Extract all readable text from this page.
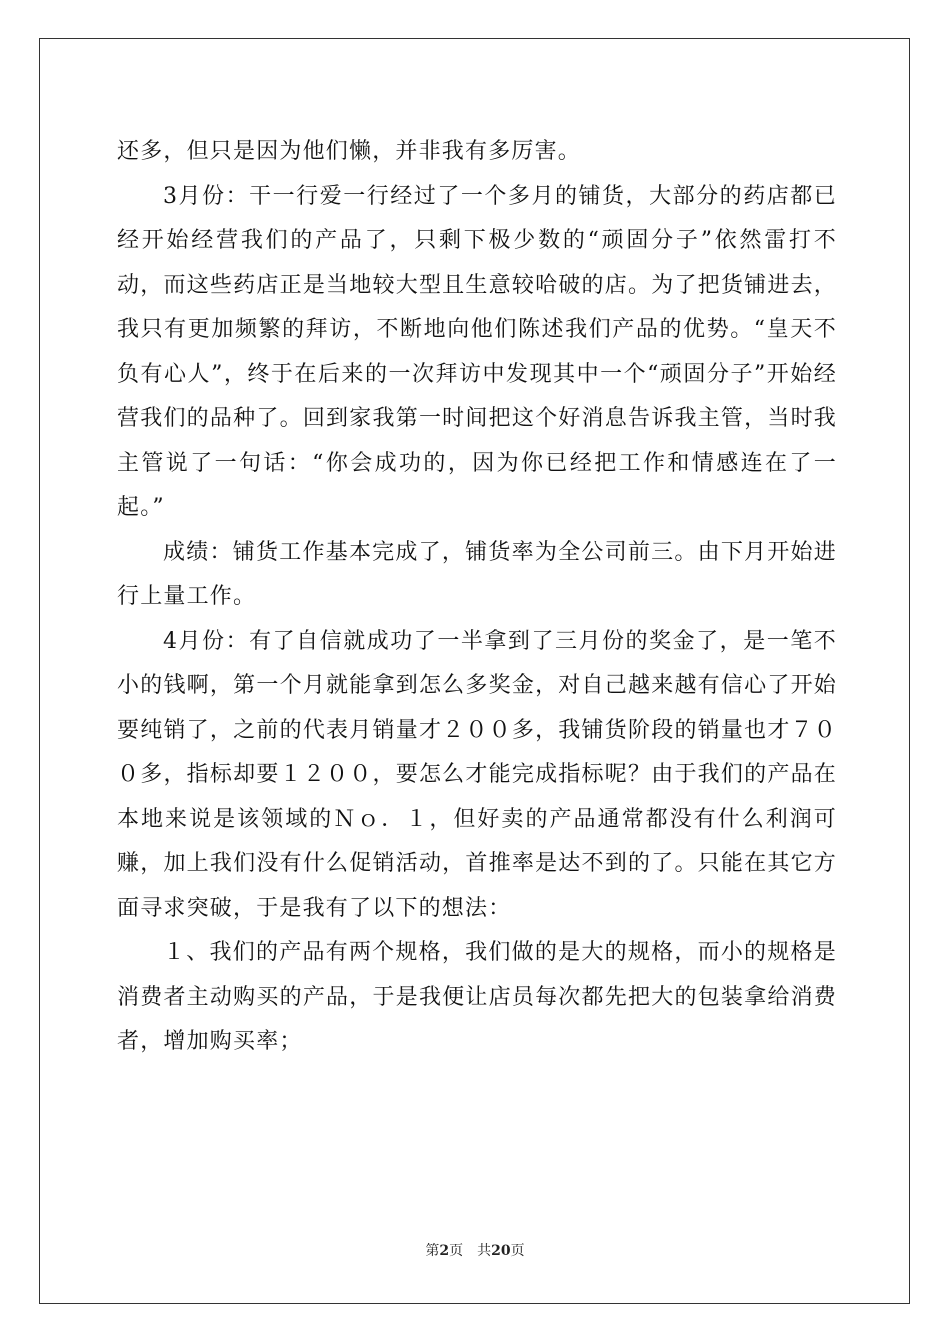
还多，但只是因为他们懒，并非我有多厉害。

3月份：干一行爱一行经过了一个多月的铺货，大部分的药店都已经开始经营我们的产品了，只剩下极少数的“顽固分子”依然雷打不动，而这些药店正是当地较大型且生意较哈破的店。为了把货铺进去，我只有更加频繁的拜访，不断地向他们陈述我们产品的优势。“皇天不负有心人”，终于在后来的一次拜访中发现其中一个“顽固分子”开始经营我们的品种了。回到家我第一时间把这个好消息告诉我主管，当时我主管说了一句话：“你会成功的，因为你已经把工作和情感连在了一起。”

成绩：铺货工作基本完成了，铺货率为全公司前三。由下月开始进行上量工作。

4月份：有了自信就成功了一半拿到了三月份的奖金了，是一笔不小的钱啊，第一个月就能拿到怎么多奖金，对自己越来越有信心了开始要纯销了，之前的代表月销量才２００多，我铺货阶段的销量也才７００多，指标却要１２００，要怎么才能完成指标呢？由于我们的产品在本地来说是该领域的Ｎｏ．１，但好卖的产品通常都没有什么利润可赚，加上我们没有什么促销活动，首推率是达不到的了。只能在其它方面寻求突破，于是我有了以下的想法：

１、我们的产品有两个规格，我们做的是大的规格，而小的规格是消费者主动购买的产品，于是我便让店员每次都先把大的包装拿给消费者，增加购买率；

第2页　共20页
